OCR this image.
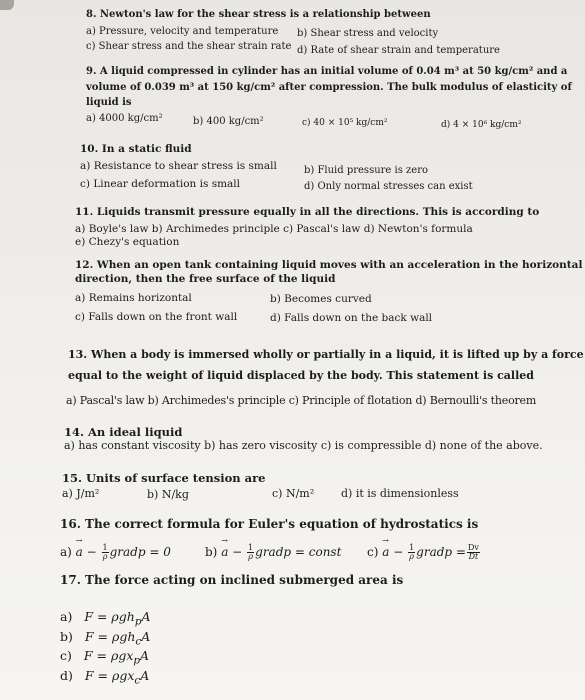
8. Newton's law for the shear stress is a relationship between
a) Pressure, velocity and temperature b) Shear stress and velocity
c) Shear stress and the shear strain rate d) Rate of shear strain and temperature
9. A liquid compressed in cylinder has an initial volume of 0.04 m³ at 50 kg/cm² and a
volume of 0.039 m³ at 150 kg/cm² after compression. The bulk modulus of elasticity of
liquid is
a) 4000 kg/cm²	b) 400 kg/cm²	c) 40 × 10⁵ kg/cm²	d) 4 × 10⁶ kg/cm²
10. In a static fluid
a) Resistance to shear stress is small	b) Fluid pressure is zero
c) Linear deformation is small	d) Only normal stresses can exist
11. Liquids transmit pressure equally in all the directions. This is according to
a) Boyle's law b) Archimedes principle c) Pascal's law d) Newton's formula
e) Chezy's equation
12. When an open tank containing liquid moves with an acceleration in the horizontal
direction, then the free surface of the liquid
a) Remains horizontal	b) Becomes curved
c) Falls down on the front wall	d) Falls down on the back wall
13. When a body is immersed wholly or partially in a liquid, it is lifted up by a force
equal to the weight of liquid displaced by the body. This statement is called
a) Pascal's law b) Archimedes's principle c) Principle of flotation d) Bernoulli's theorem
14. An ideal liquid
a) has constant viscosity b) has zero viscosity c) is compressible d) none of the above.
15. Units of surface tension are
a) J/m²	b) N/kg	c) N/m² d) it is dimensionless
16. The correct formula for Euler's equation of hydrostatics is
$a) \to a - \frac{1}{\rho}$ gradp = 0	$b) \to a - \frac{1}{\rho}$ gradp = const $c) \to a - \frac{1}{\rho}$ gradp = $\frac{Dv}{Dt}$
17. The force acting on inclined submerged area is
a) F = ρgh$_p$A
b) F = ρgh$_c$A
c) F = ρgx$_p$A
d) F = ρgx$_c$A
